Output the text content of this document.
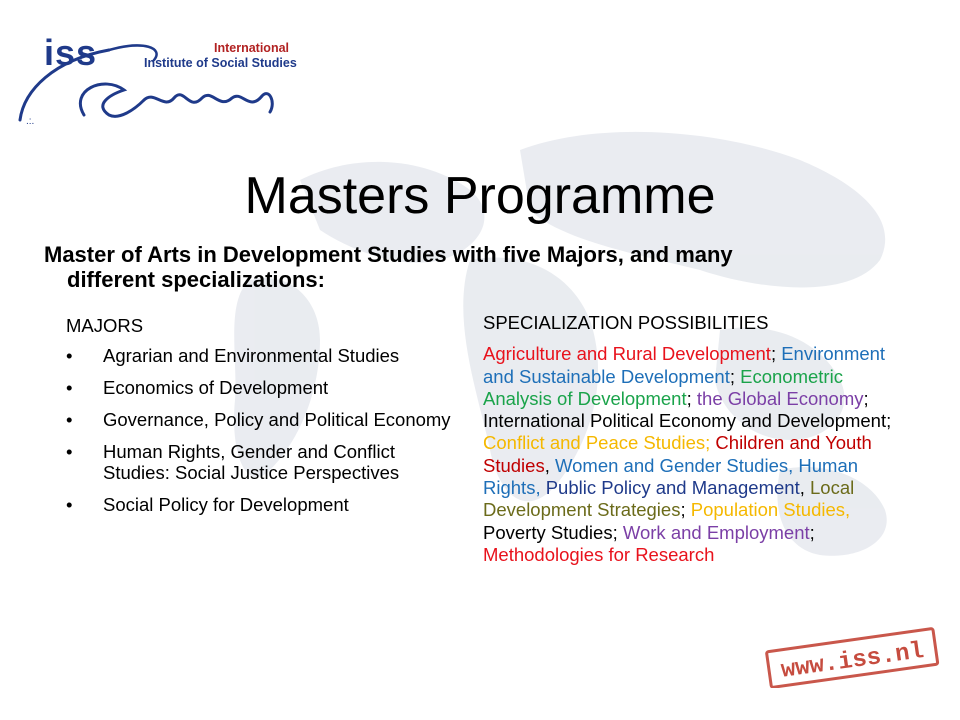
.:.
iss	International
Institute of Social Studies
Masters Programme

Master of Arts in Development Studies with five Majors, and many
different specializations:

MAJORS
• Agrarian and Environmental Studies
• Economics of Development
• Governance, Policy and Political Economy
• Human Rights, Gender and Conflict Studies: Social Justice Perspectives
• Social Policy for Development
SPECIALIZATION POSSIBILITIES

Agriculture and Rural Development; Environment and Sustainable Development; Econometric Analysis of Development; the Global Economy; International Political Economy and Development; Conflict and Peace Studies; Children and Youth Studies, Women and Gender Studies, Human Rights, Public Policy and Management, Local Development Strategies; Population Studies, Poverty Studies; Work and Employment; Methodologies for Research

www.iss.nl
